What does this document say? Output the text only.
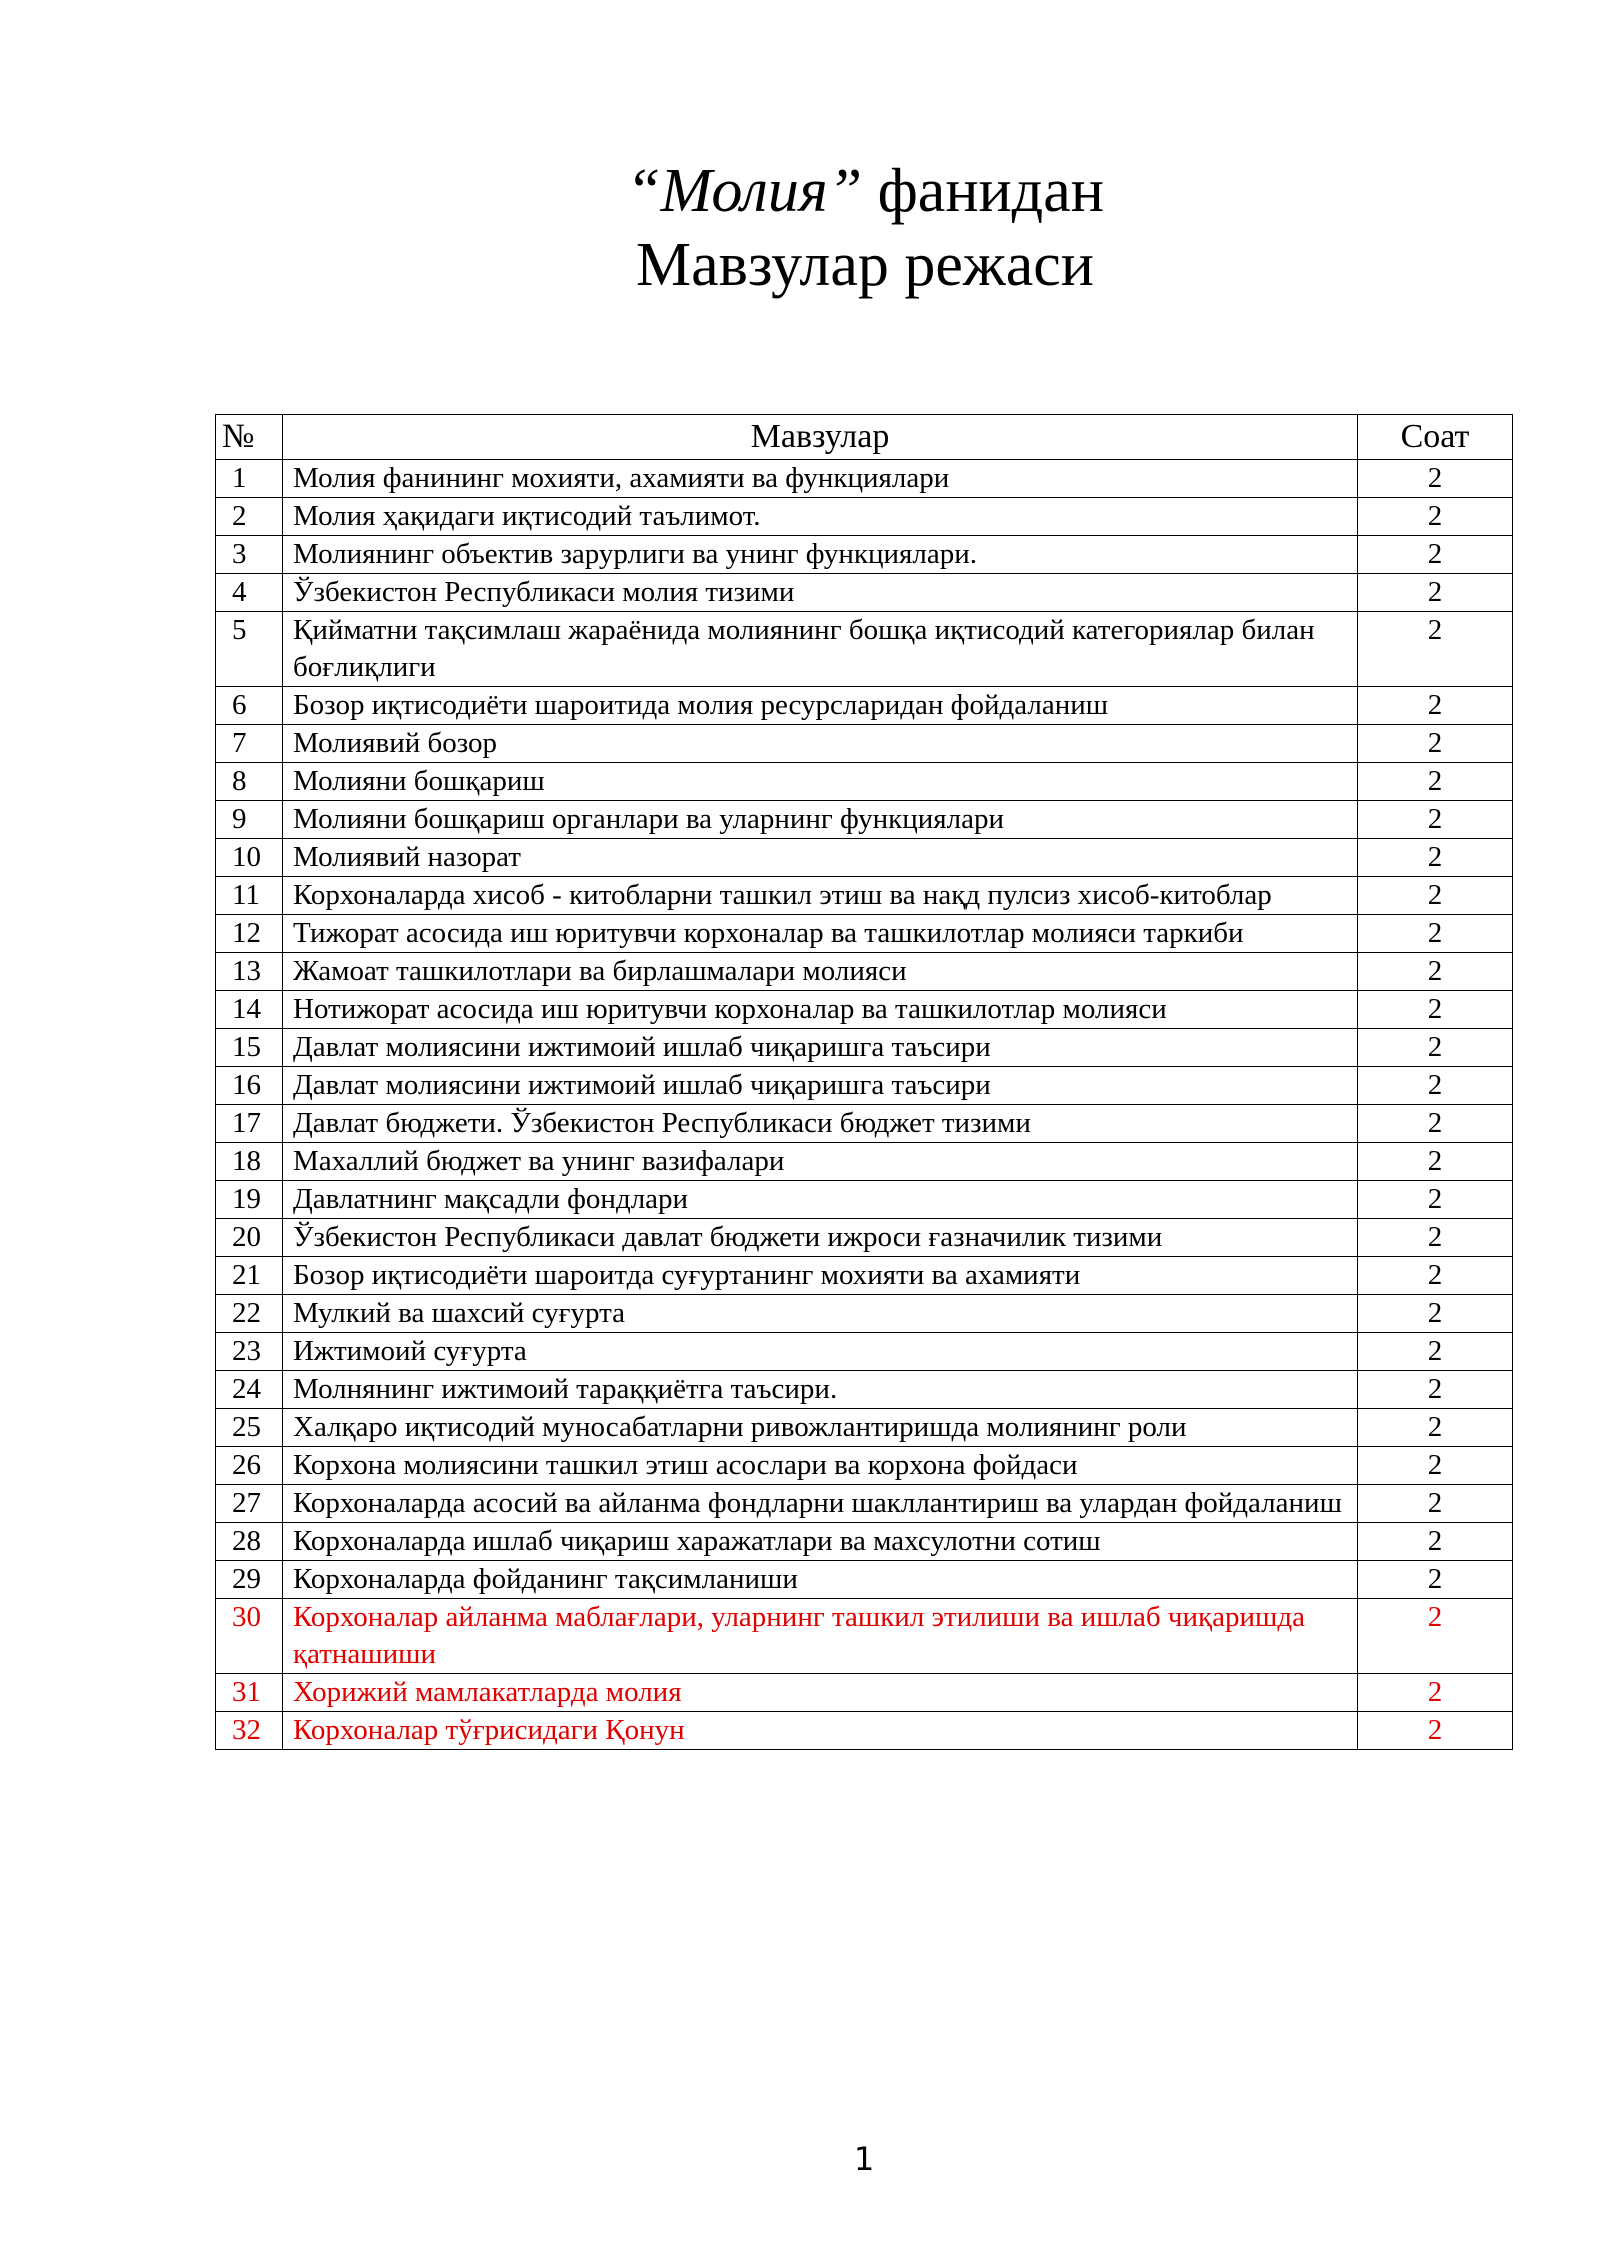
“Молия” фанидан
Мавзулар режаси
№	Мавзулар	Соат
1	Молия фанининг мохияти, ахамияти ва функциялари	2
2	Молия ҳақидаги иқтисодий таълимот.	2
3	Молиянинг объектив зарурлиги ва унинг функциялари.	2
4	Ўзбекистон Республикаси молия тизими	2
5	Қийматни тақсимлаш жараёнида молиянинг бошқа иқтисодий категориялар билан боғлиқлиги	2
6	Бозор иқтисодиёти шароитида молия ресурсларидан фойдаланиш	2
7	Молиявий бозор	2
8	Молияни бошқариш	2
9	Молияни бошқариш органлари ва уларнинг функциялари	2
10	Молиявий назорат	2
11	Корхоналарда хисоб - китобларни ташкил этиш ва нақд пулсиз хисоб-китоблар	2
12	Тижорат асосида иш юритувчи корхоналар ва ташкилотлар молияси таркиби	2
13	Жамоат ташкилотлари ва бирлашмалари молияси	2
14	Нотижорат асосида иш юритувчи корхоналар ва ташкилотлар молияси	2
15	Давлат молиясини ижтимоий ишлаб чиқаришга таъсири	2
16	Давлат молиясини ижтимоий ишлаб чиқаришга таъсири	2
17	Давлат бюджети. Ўзбекистон Республикаси бюджет тизими	2
18	Махаллий бюджет ва унинг вазифалари	2
19	Давлатнинг мақсадли фондлари	2
20	Ўзбекистон Республикаси давлат бюджети ижроси ғазначилик тизими	2
21	Бозор иқтисодиёти шароитда суғуртанинг мохияти ва ахамияти	2
22	Мулкий ва шахсий суғурта	2
23	Ижтимоий суғурта	2
24	Молнянинг ижтимоий тараққиётга таъсири.	2
25	Халқаро иқтисодий муносабатларни ривожлантиришда молиянинг роли	2
26	Корхона молиясини ташкил этиш асослари ва корхона фойдаси	2
27	Корхоналарда асосий ва айланма фондларни шакллантириш ва улардан фойдаланиш	2
28	Корхоналарда ишлаб чиқариш харажатлари ва махсулотни сотиш	2
29	Корхоналарда фойданинг тақсимланиши	2
30	Корхоналар айланма маблағлари, уларнинг ташкил этилиши ва ишлаб чиқаришда қатнашиши	2
31	Хорижий мамлакатларда молия	2
32	Корхоналар тўғрисидаги Қонун	2
1
